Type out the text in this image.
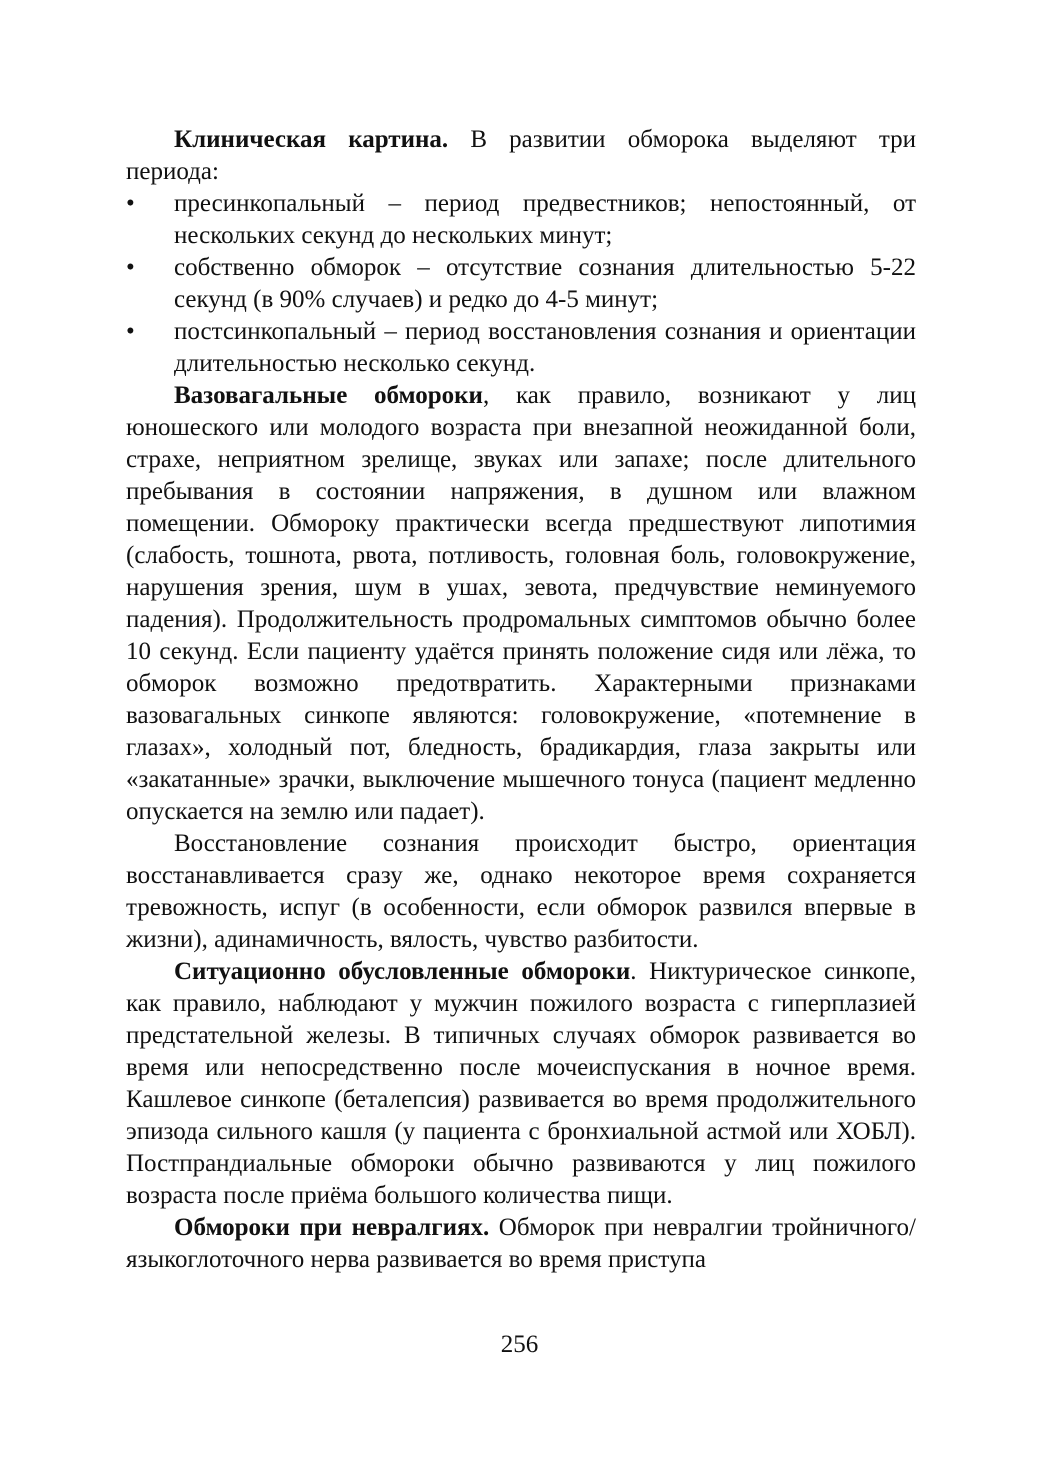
Клиническая картина. В развитии обморока выделяют три периода:

• пресинкопальный – период предвестников; непостоянный, от нескольких секунд до нескольких минут;
• собственно обморок – отсутствие сознания длительностью 5-22 секунд (в 90% случаев) и редко до 4-5 минут;
• постсинкопальный – период восстановления сознания и ориентации длительностью несколько секунд.

Вазовагальные обмороки, как правило, возникают у лиц юношеского или молодого возраста при внезапной неожиданной боли, страхе, неприятном зрелище, звуках или запахе; после длительного пребывания в состоянии напряжения, в душном или влажном помещении. Обмороку практически всегда предшествуют липотимия (слабость, тошнота, рвота, потливость, головная боль, головокружение, нарушения зрения, шум в ушах, зевота, предчувствие неминуемого падения). Продолжительность продромальных симптомов обычно более 10 секунд. Если пациенту удаётся принять положение сидя или лёжа, то обморок возможно предотвратить. Характерными признаками вазовагальных синкопе являются: головокружение, «потемнение в глазах», холодный пот, бледность, брадикардия, глаза закрыты или «закатанные» зрачки, выключение мышечного тонуса (пациент медленно опускается на землю или падает).

Восстановление сознания происходит быстро, ориентация восстанавливается сразу же, однако некоторое время сохраняется тревожность, испуг (в особенности, если обморок развился впервые в жизни), адинамичность, вялость, чувство разбитости.

Ситуационно обусловленные обмороки. Никтурическое синкопе, как правило, наблюдают у мужчин пожилого возраста с гиперплазией предстательной железы. В типичных случаях обморок развивается во время или непосредственно после мочеиспускания в ночное время. Кашлевое синкопе (беталепсия) развивается во время продолжительного эпизода сильного кашля (у пациента с бронхиальной астмой или ХОБЛ). Постпрандиальные обмороки обычно развиваются у лиц пожилого возраста после приёма большого количества пищи.

Обмороки при невралгиях. Обморок при невралгии тройничного/языкоглоточного нерва развивается во время приступа

256
